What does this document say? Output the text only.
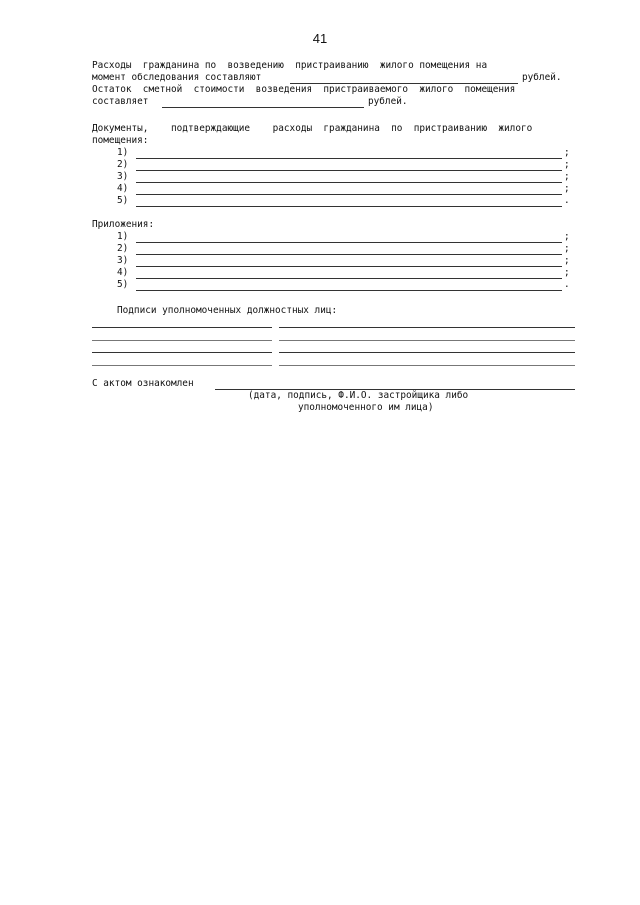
41
Расходы  гражданина по  возведению  пристраиванию  жилого помещения на
момент обследования составляют	рублей.
Остаток  сметной  стоимости  возведения  пристраиваемого  жилого  помещения
составляет	рублей.
Документы,    подтверждающие    расходы  гражданина  по  пристраиванию  жилого
помещения:
1)	;
2)	;
3)	;
4)	;
5)	.
Приложения:
1)	;
2)	;
3)	;
4)	;
5)	.
Подписи уполномоченных должностных лиц:
С актом ознакомлен
(дата, подпись, Ф.И.О. застройщика либо
уполномоченного им лица)
